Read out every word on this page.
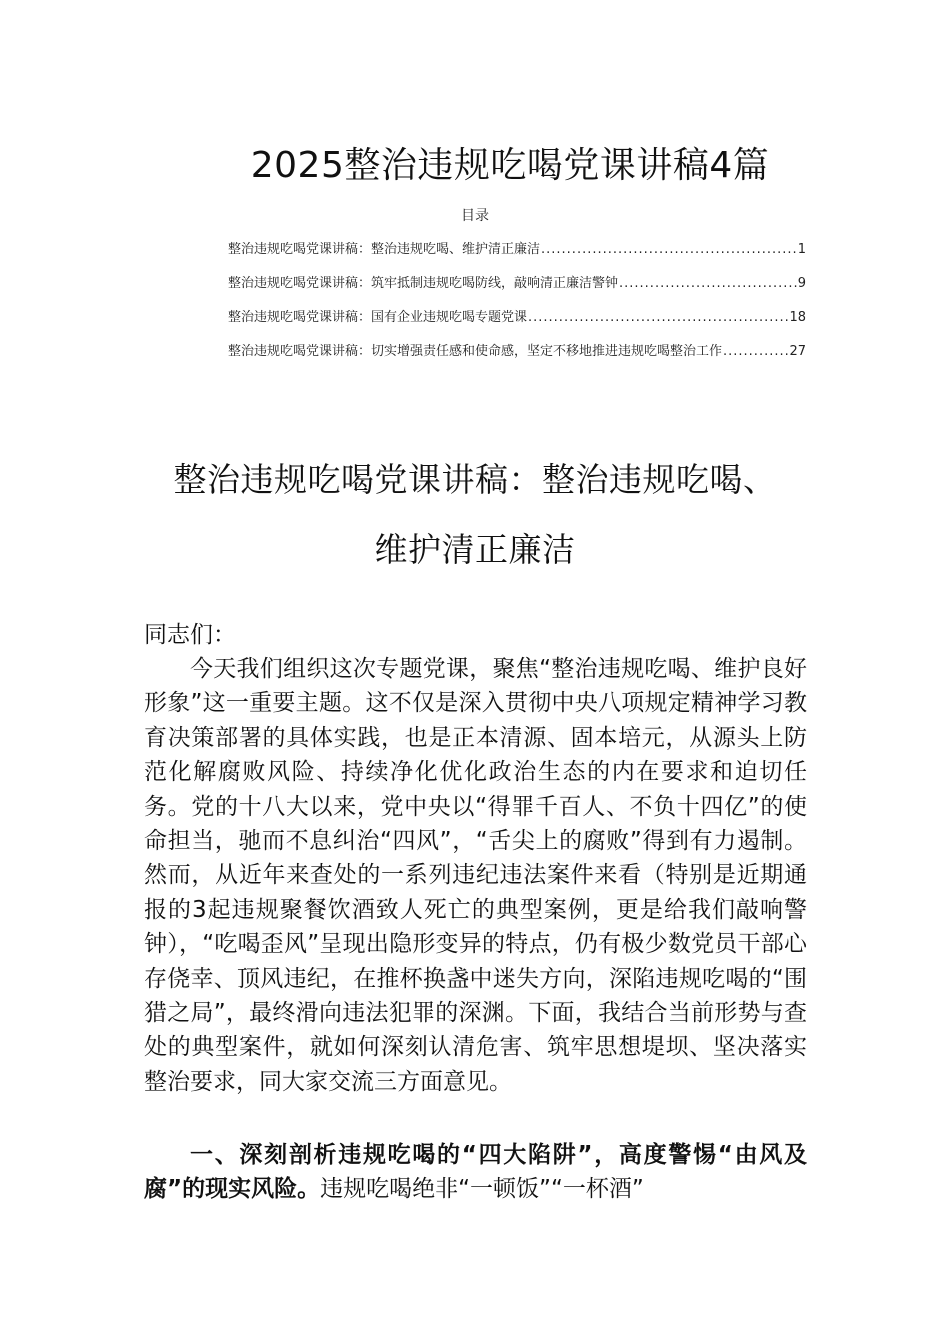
2025整治违规吃喝党课讲稿4篇
目录
整治违规吃喝党课讲稿：整治违规吃喝、维护清正廉洁 .....	1
整治违规吃喝党课讲稿：筑牢抵制违规吃喝防线，敲响清正廉洁警钟 .....	9
整治违规吃喝党课讲稿：国有企业违规吃喝专题党课 .....	18
整治违规吃喝党课讲稿：切实增强责任感和使命感，坚定不移地推进违规吃喝整治工作 .....	27
整治违规吃喝党课讲稿：整治违规吃喝、
维护清正廉洁
同志们：
今天我们组织这次专题党课，聚焦“整治违规吃喝、维护良好形象”这一重要主题。这不仅是深入贯彻中央八项规定精神学习教育决策部署的具体实践，也是正本清源、固本培元，从源头上防范化解腐败风险、持续净化优化政治生态的内在要求和迫切任务。党的十八大以来，党中央以“得罪千百人、不负十四亿”的使命担当，驰而不息纠治“四风”，“舌尖上的腐败”得到有力遏制。然而，从近年来查处的一系列违纪违法案件来看（特别是近期通报的3起违规聚餐饮酒致人死亡的典型案例，更是给我们敲响警钟），“吃喝歪风”呈现出隐形变异的特点，仍有极少数党员干部心存侥幸、顶风违纪，在推杯换盏中迷失方向，深陷违规吃喝的“围猎之局”，最终滑向违法犯罪的深渊。下面，我结合当前形势与查处的典型案件，就如何深刻认清危害、筑牢思想堤坝、坚决落实整治要求，同大家交流三方面意见。
一、深刻剖析违规吃喝的“四大陷阱”，高度警惕“由风及腐”的现实风险。违规吃喝绝非“一顿饭”“一杯酒”
